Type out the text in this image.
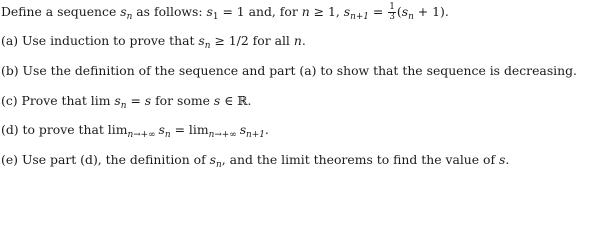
Define a sequence $s_n$ as follows: $s_1 = 1$ and, for n ≥ 1, $s_{n+1} = \frac{1}{3} (s_n + 1)$.
(a) Use induction to prove that $s_n \ge 1/2$ for all n.
(b) Use the definition of the sequence and part (a) to show that the sequence is decreasing.
(c) Prove that $\lim s_n = s$ for some s ∈ ℝ.
(d) to prove that $\lim_{n\to+\infty} s_n = \lim_{n\to+\infty} s_{n+1}$.
(e) Use part (d), the definition of $s_n$, and the limit theorems to find the value of s.
